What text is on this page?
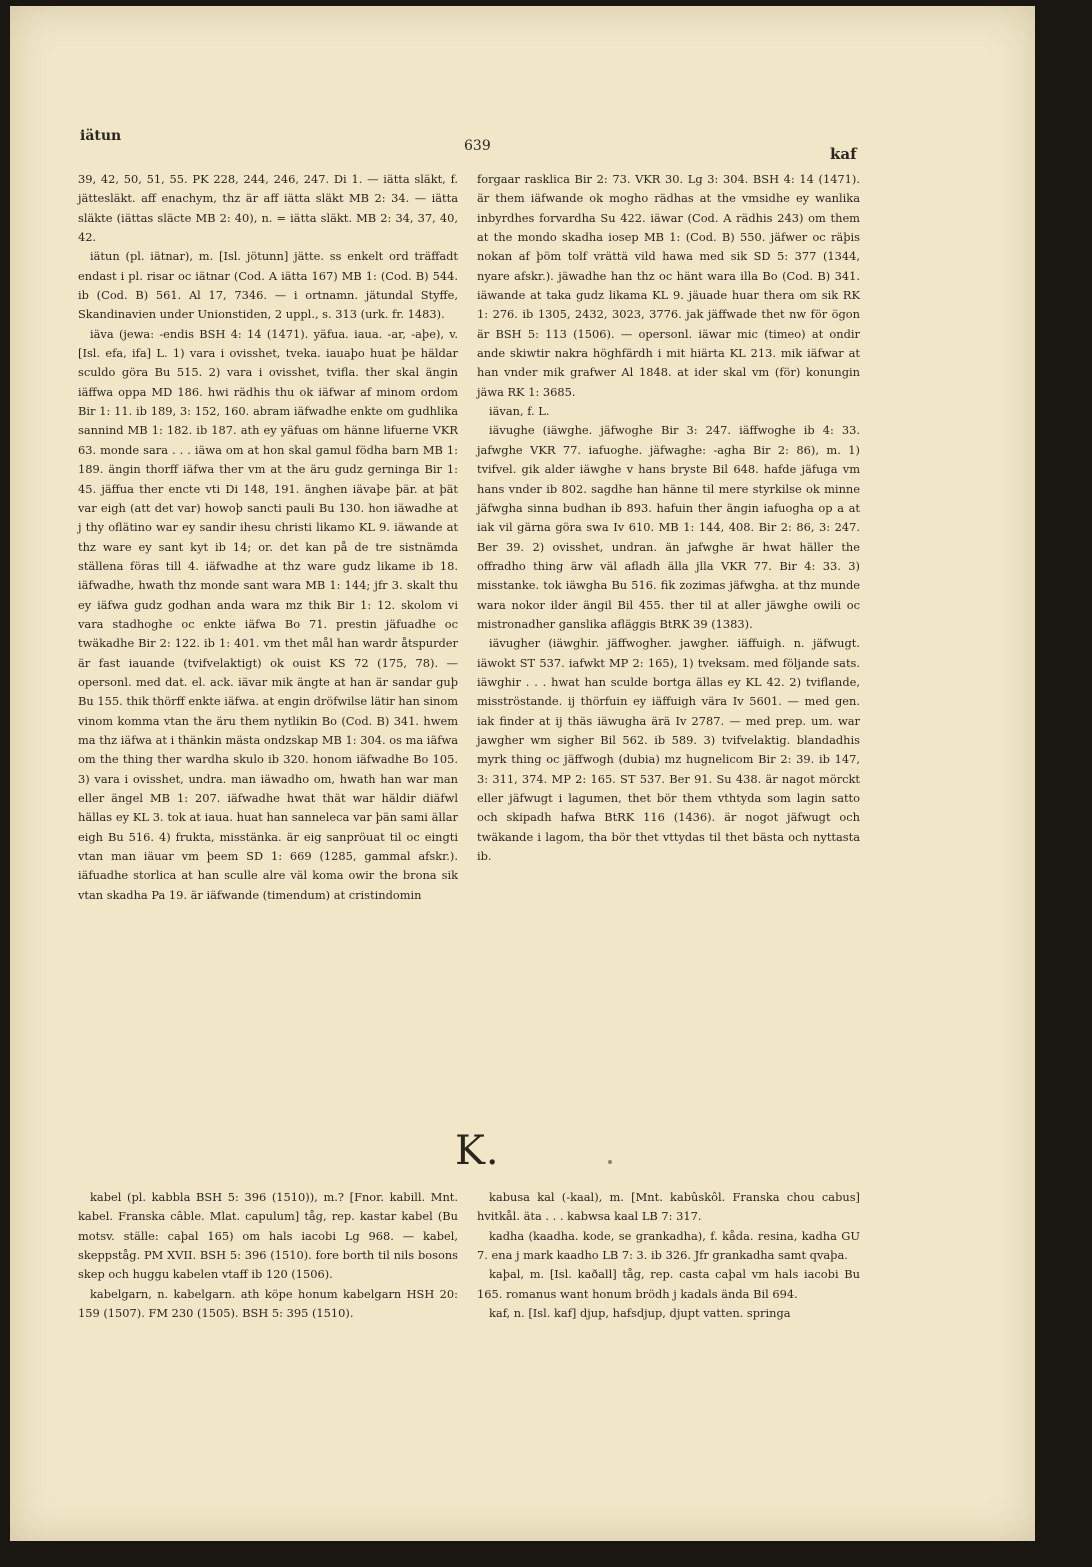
iätun
639	kaf

39, 42, 50, 51, 55. PK 228, 244, 246, 247. Di 1. — iätta släkt, f. jättesläkt. aff enachym, thz är aff iätta släkt MB 2: 34. — iätta släkte (iättas släcte MB 2: 40), n. = iätta släkt. MB 2: 34, 37, 40, 42.

iätun (pl. iätnar), m. [Isl. jötunn] jätte. ss enkelt ord träffadt endast i pl. risar oc iätnar (Cod. A iätta 167) MB 1: (Cod. B) 544. ib (Cod. B) 561. Al 17, 7346. — i ortnamn. jätundal Styffe, Skandinavien under Unionstiden, 2 uppl., s. 313 (urk. fr. 1483).

iäva (jewa: -endis BSH 4: 14 (1471). yäfua. iaua. -ar, -aþe), v. [Isl. efa, ifa] L. 1) vara i ovisshet, tveka. iauaþo huat þe häldar sculdo göra Bu 515. 2) vara i ovisshet, tvifla. ther skal ängin iäffwa oppa MD 186. hwi rädhis thu ok iäfwar af minom ordom Bir 1: 11. ib 189, 3: 152, 160. abram iäfwadhe enkte om gudhlika sannind MB 1: 182. ib 187. ath ey yäfuas om hänne lifuerne VKR 63. monde sara . . . iäwa om at hon skal gamul födha barn MB 1: 189. ängin thorff iäfwa ther vm at the äru gudz gerninga Bir 1: 45. jäffua ther encte vti Di 148, 191. änghen iävaþe þär. at þät var eigh (att det var) howoþ sancti pauli Bu 130. hon iäwadhe at j thy oflätino war ey sandir ihesu christi likamo KL 9. iäwande at thz ware ey sant kyt ib 14; or. det kan på de tre sistnämda ställena föras till 4. iäfwadhe at thz ware gudz likame ib 18. iäfwadhe, hwath thz monde sant wara MB 1: 144; jfr 3. skalt thu ey iäfwa gudz godhan anda wara mz thik Bir 1: 12. skolom vi vara stadhoghe oc enkte iäfwa Bo 71. prestin jäfuadhe oc twäkadhe Bir 2: 122. ib 1: 401. vm thet mål han wardr åtspurder är fast iauande (tvifvelaktigt) ok ouist KS 72 (175, 78). — opersonl. med dat. el. ack. iävar mik ängte at han är sandar guþ Bu 155. thik thörff enkte iäfwa. at engin dröfwilse lätir han sinom vinom komma vtan the äru them nytlikin Bo (Cod. B) 341. hwem ma thz iäfwa at i thänkin mästa ondzskap MB 1: 304. os ma iäfwa om the thing ther wardha skulo ib 320. honom iäfwadhe Bo 105. 3) vara i ovisshet, undra. man iäwadho om, hwath han war man eller ängel MB 1: 207. iäfwadhe hwat thät war häldir diäfwl hällas ey KL 3. tok at iaua. huat han sanneleca var þän sami ällar eigh Bu 516. 4) frukta, misstänka. är eig sanpröuat til oc eingti vtan man iäuar vm þeem SD 1: 669 (1285, gammal afskr.). iäfuadhe storlica at han sculle alre väl koma owir the brona sik vtan skadha Pa 19. är iäfwande (timendum) at cristindomin

forgaar rasklica Bir 2: 73. VKR 30. Lg 3: 304. BSH 4: 14 (1471). är them iäfwande ok mogho rädhas at the vmsidhe ey wanlika inbyrdhes forvardha Su 422. iäwar (Cod. A rädhis 243) om them at the mondo skadha iosep MB 1: (Cod. B) 550. jäfwer oc räþis nokan af þöm tolf vrättä vild hawa med sik SD 5: 377 (1344, nyare afskr.). jäwadhe han thz oc hänt wara illa Bo (Cod. B) 341. iäwande at taka gudz likama KL 9. jäuade huar thera om sik RK 1: 276. ib 1305, 2432, 3023, 3776. jak jäffwade thet nw för ögon är BSH 5: 113 (1506). — opersonl. iäwar mic (timeo) at ondir ande skiwtir nakra höghfärdh i mit hiärta KL 213. mik iäfwar at han vnder mik grafwer Al 1848. at ider skal vm (för) konungin jäwa RK 1: 3685.

iävan, f. L.

iävughe (iäwghe. jäfwoghe Bir 3: 247. iäffwoghe ib 4: 33. jafwghe VKR 77. iafuoghe. jäfwaghe: -agha Bir 2: 86), m. 1) tvifvel. gik alder iäwghe v hans bryste Bil 648. hafde jäfuga vm hans vnder ib 802. sagdhe han hänne til mere styrkilse ok minne jäfwgha sinna budhan ib 893. hafuin ther ängin iafuogha op a at iak vil gärna göra swa Iv 610. MB 1: 144, 408. Bir 2: 86, 3: 247. Ber 39. 2) ovisshet, undran. än jafwghe är hwat häller the offradho thing ärw väl afladh älla jlla VKR 77. Bir 4: 33. 3) misstanke. tok iäwgha Bu 516. fik zozimas jäfwgha. at thz munde wara nokor ilder ängil Bil 455. ther til at aller jäwghe owili oc mistronadher ganslika afläggis BtRK 39 (1383).

iävugher (iäwghir. jäffwogher. jawgher. iäffuigh. n. jäfwugt. iäwokt ST 537. iafwkt MP 2: 165), 1) tveksam. med följande sats. iäwghir . . . hwat han sculde bortga ällas ey KL 42. 2) tviflande, misströstande. ij thörfuin ey iäffuigh vära Iv 5601. — med gen. iak finder at ij thäs iäwugha ärä Iv 2787. — med prep. um. war jawgher wm sigher Bil 562. ib 589. 3) tvifvelaktig. blandadhis myrk thing oc jäffwogh (dubia) mz hugnelicom Bir 2: 39. ib 147, 3: 311, 374. MP 2: 165. ST 537. Ber 91. Su 438. är nagot mörckt eller jäfwugt i lagumen, thet bör them vthtyda som lagin satto och skipadh hafwa BtRK 116 (1436). är nogot jäfwugt och twäkande i lagom, tha bör thet vttydas til thet bästa och nyttasta ib.

K.

kabel (pl. kabbla BSH 5: 396 (1510)), m.? [Fnor. kabill. Mnt. kabel. Franska câble. Mlat. capulum] tåg, rep. kastar kabel (Bu motsv. ställe: caþal 165) om hals iacobi Lg 968. — kabel, skeppståg. PM XVII. BSH 5: 396 (1510). fore borth til nils bosons skep och huggu kabelen vtaff ib 120 (1506).

kabelgarn, n. kabelgarn. ath köpe honum kabelgarn HSH 20: 159 (1507). FM 230 (1505). BSH 5: 395 (1510).

kabusa kal (-kaal), m. [Mnt. kabûskôl. Franska chou cabus] hvitkål. äta . . . kabwsa kaal LB 7: 317.

kadha (kaadha. kode, se grankadha), f. kåda. resina, kadha GU 7. ena j mark kaadho LB 7: 3. ib 326. Jfr grankadha samt qvaþa.

kaþal, m. [Isl. kaðall] tåg, rep. casta caþal vm hals iacobi Bu 165. romanus want honum brödh j kadals ända Bil 694.

kaf, n. [Isl. kaf] djup, hafsdjup, djupt vatten. springa
